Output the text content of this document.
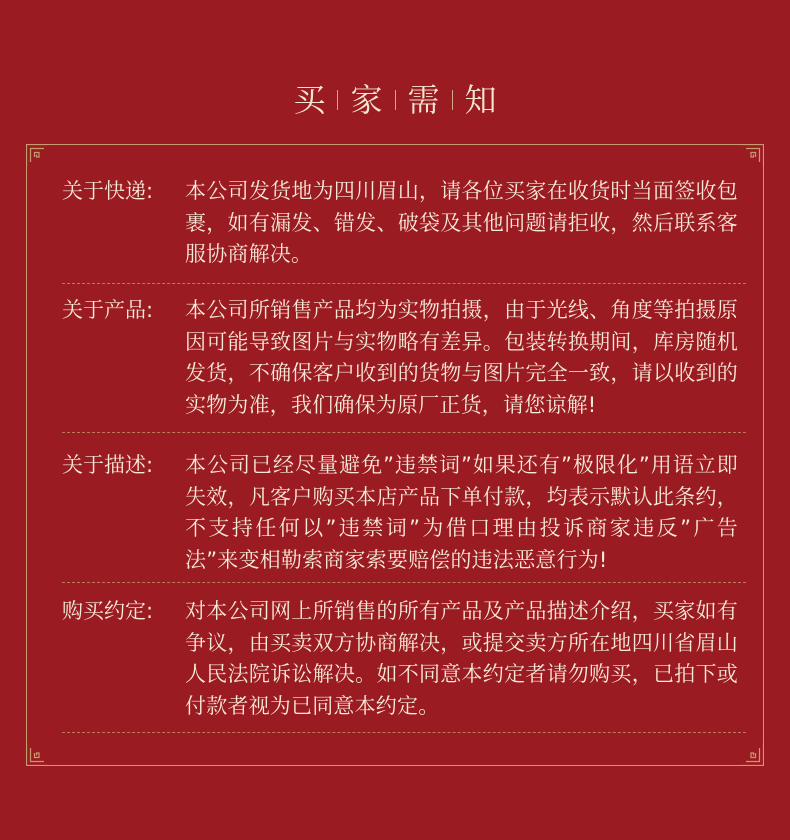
买 家 需 知
关于快递:	本公司发货地为四川眉山，请各位买家在收货时当面签收包裹，如有漏发、错发、破袋及其他问题请拒收，然后联系客服协商解决。
关于产品:	本公司所销售产品均为实物拍摄，由于光线、角度等拍摄原因可能导致图片与实物略有差异。包装转换期间，库房随机发货，不确保客户收到的货物与图片完全一致，请以收到的实物为准，我们确保为原厂正货，请您谅解!
关于描述:	本公司已经尽量避免”违禁词”如果还有”极限化”用语立即失效，凡客户购买本店产品下单付款，均表示默认此条约，不支持任何以”违禁词”为借口理由投诉商家违反”广告法”来变相勒索商家索要赔偿的违法恶意行为!
购买约定:	对本公司网上所销售的所有产品及产品描述介绍，买家如有争议，由买卖双方协商解决，或提交卖方所在地四川省眉山人民法院诉讼解决。如不同意本约定者请勿购买，已拍下或付款者视为已同意本约定。
